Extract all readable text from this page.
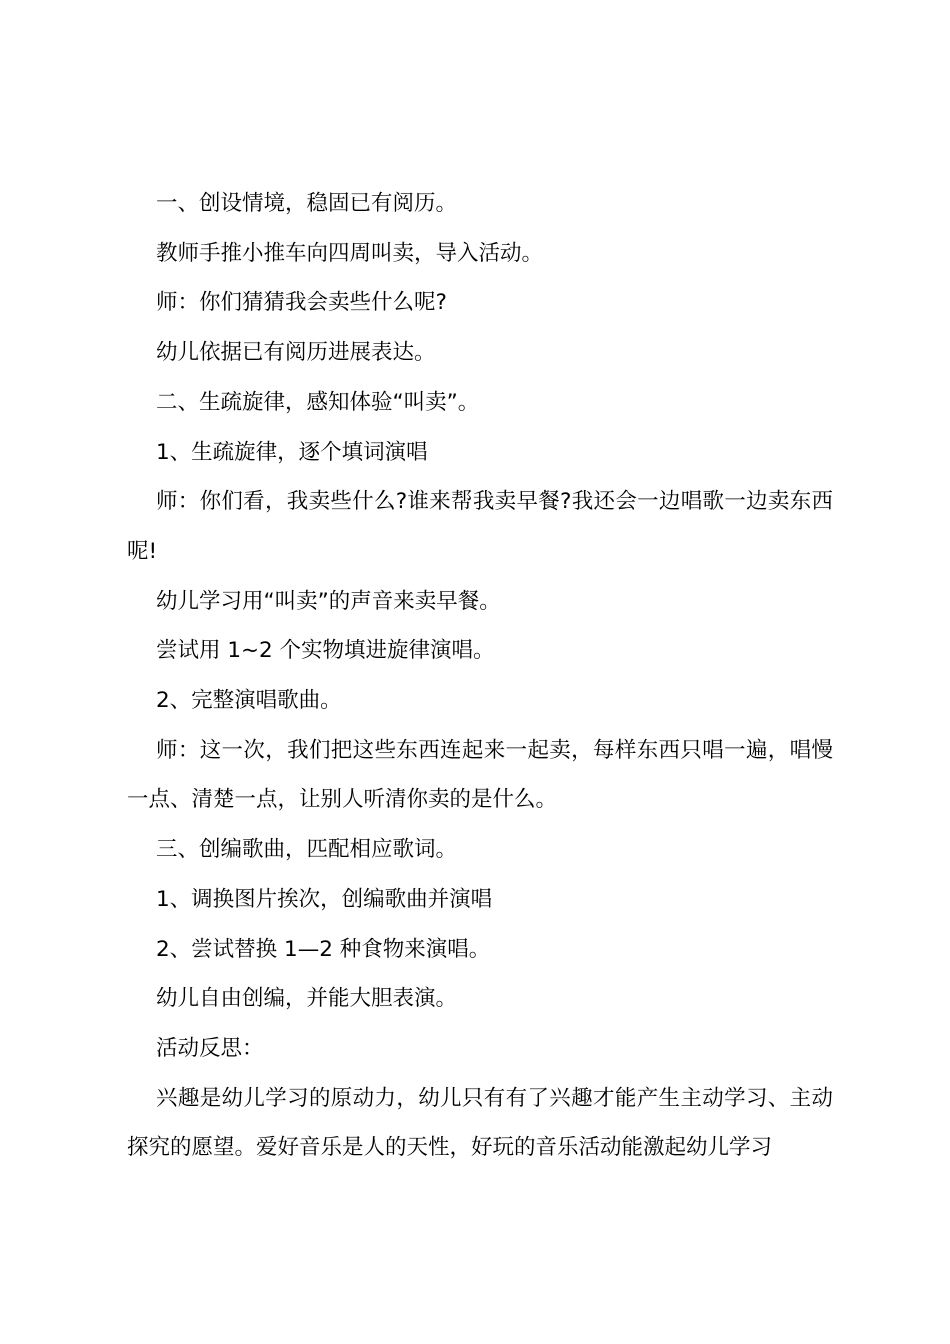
一、创设情境，稳固已有阅历。

教师手推小推车向四周叫卖，导入活动。

师：你们猜猜我会卖些什么呢?

幼儿依据已有阅历进展表达。

二、生疏旋律，感知体验“叫卖”。

1、生疏旋律，逐个填词演唱

师：你们看，我卖些什么?谁来帮我卖早餐?我还会一边唱歌一边卖东西呢!

幼儿学习用“叫卖”的声音来卖早餐。

尝试用 1~2 个实物填进旋律演唱。

2、完整演唱歌曲。

师：这一次，我们把这些东西连起来一起卖，每样东西只唱一遍，唱慢一点、清楚一点，让别人听清你卖的是什么。

三、创编歌曲，匹配相应歌词。

1、调换图片挨次，创编歌曲并演唱

2、尝试替换 1—2 种食物来演唱。

幼儿自由创编，并能大胆表演。

活动反思：

兴趣是幼儿学习的原动力，幼儿只有有了兴趣才能产生主动学习、主动探究的愿望。爱好音乐是人的天性，好玩的音乐活动能激起幼儿学习
